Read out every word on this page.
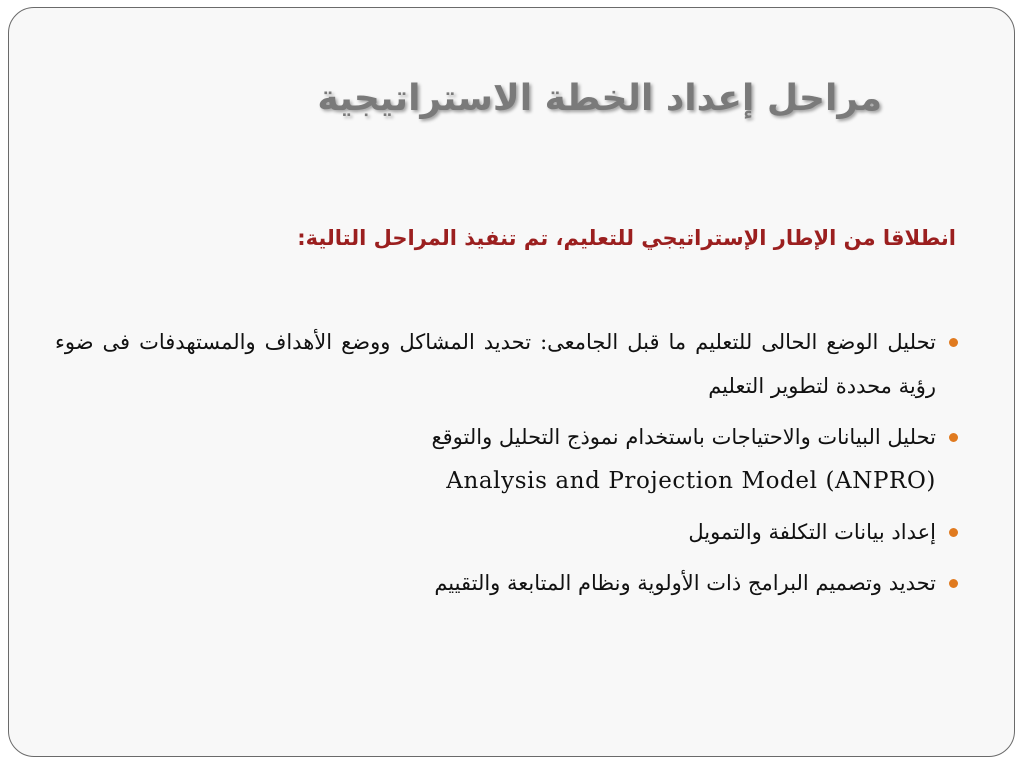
مراحل إعداد الخطة الاستراتيجية
انطلاقا من الإطار الإستراتيجي للتعليم، تم تنفيذ المراحل التالية:
تحليل الوضع الحالى للتعليم ما قبل الجامعى: تحديد المشاكل ووضع الأهداف والمستهدفات فى ضوء رؤية محددة لتطوير التعليم
تحليل البيانات والاحتياجات باستخدام نموذج التحليل والتوقع
Analysis and Projection Model (ANPRO)
إعداد بيانات التكلفة والتمويل
تحديد وتصميم البرامج ذات الأولوية ونظام المتابعة والتقييم
